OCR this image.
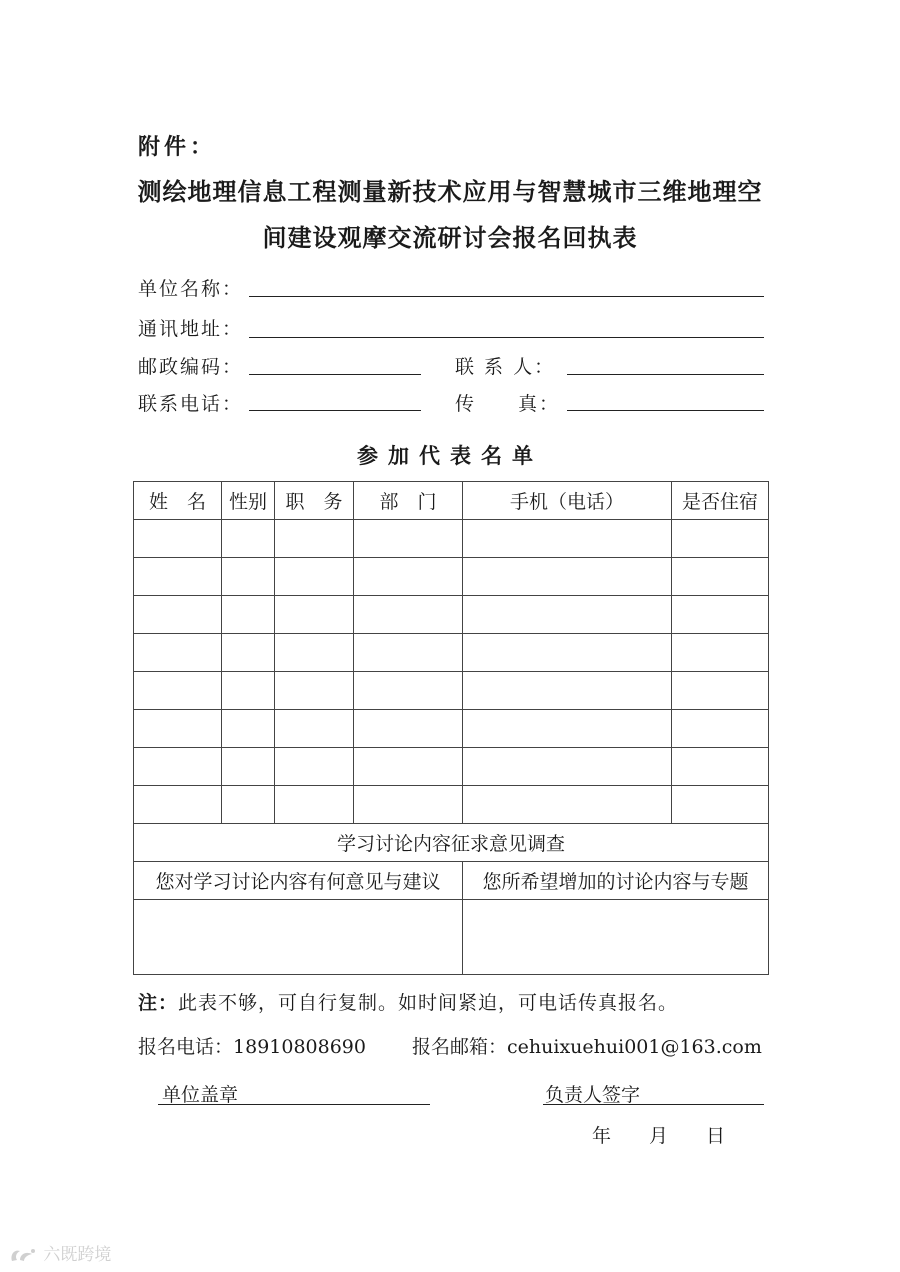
附件：
测绘地理信息工程测量新技术应用与智慧城市三维地理空
间建设观摩交流研讨会报名回执表
单位名称：
通讯地址：
邮政编码：	联 系 人：
联系电话：	传　　真：
参加代表名单
姓　名	性别	职　务	部　门	手机（电话）	是否住宿

学习讨论内容征求意见调查					
您对学习讨论内容有何意见与建议				您所希望增加的讨论内容与专题	

注：此表不够，可自行复制。如时间紧迫，可电话传真报名。
报名电话：18910808690 报名邮箱：cehuixuehui001@163.com
单位盖章	负责人签字
年　　月　　日
六既跨境
